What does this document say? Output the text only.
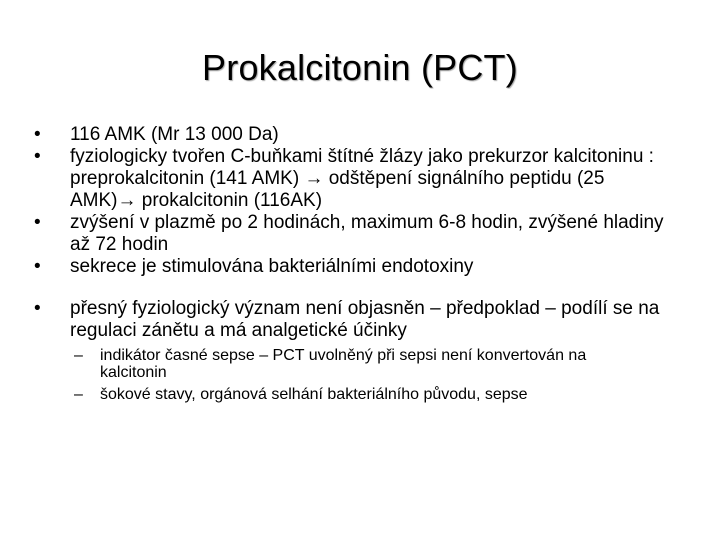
Prokalcitonin (PCT)
• 116 AMK (Mr 13 000 Da)
• fyziologicky tvořen C-buňkami štítné žlázy jako prekurzor kalcitoninu : preprokalcitonin (141 AMK) → odštěpení signálního peptidu (25 AMK)→ prokalcitonin (116AK)
• zvýšení v plazmě po 2 hodinách, maximum 6-8 hodin, zvýšené hladiny až 72 hodin
• sekrece je stimulována bakteriálními endotoxiny
• přesný fyziologický význam není objasněn – předpoklad – podílí se na regulaci zánětu a má analgetické účinky
– indikátor časné sepse – PCT uvolněný při sepsi není konvertován na kalcitonin
– šokové stavy, orgánová selhání bakteriálního původu, sepse
